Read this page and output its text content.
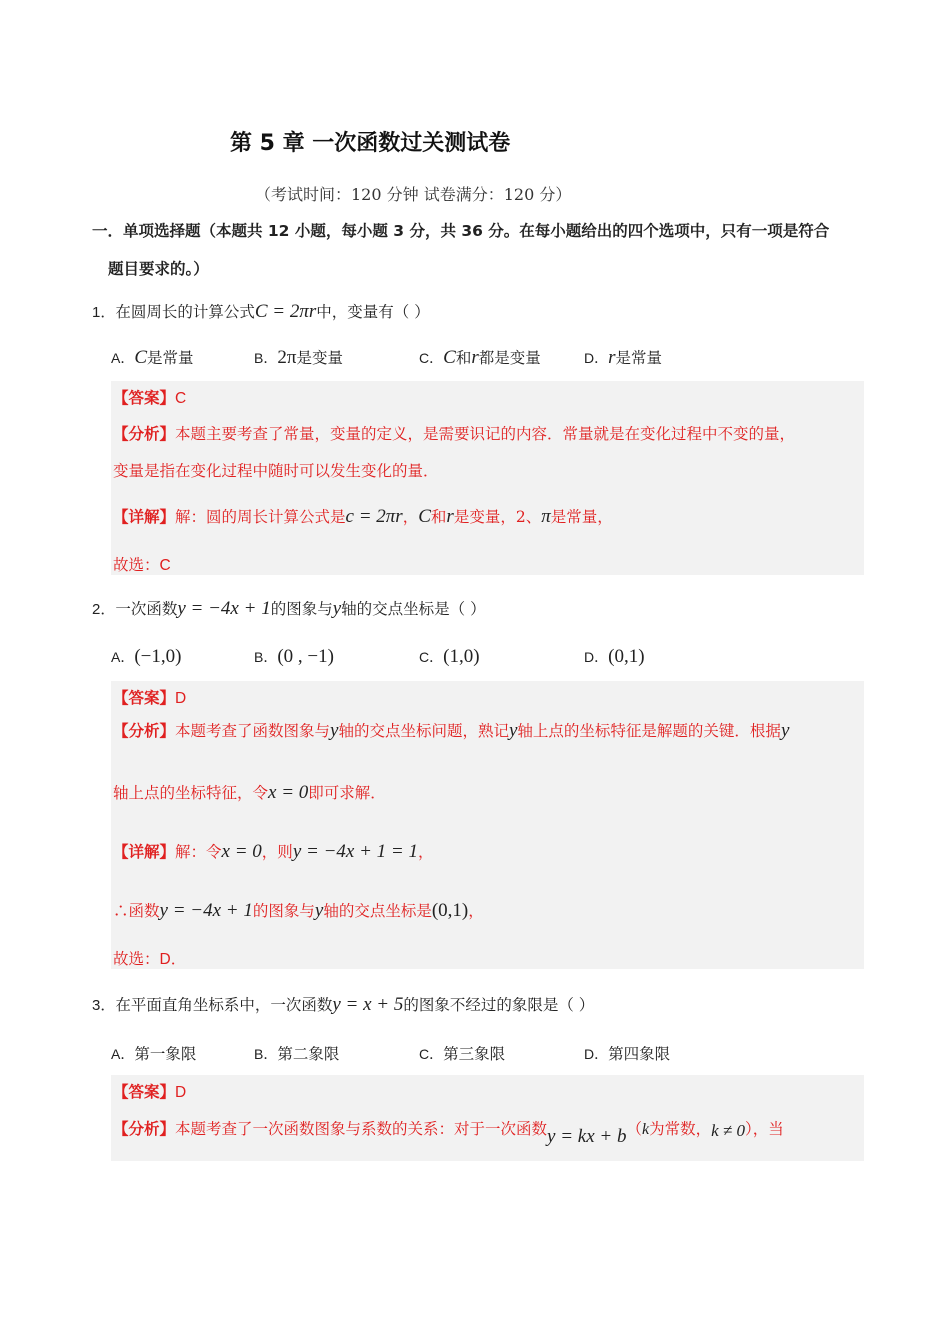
第 5 章 一次函数过关测试卷
（考试时间：120 分钟 试卷满分：120 分）
一．单项选择题（本题共 12 小题，每小题 3 分，共 36 分。在每小题给出的四个选项中，只有一项是符合
题目要求的。）
1．在圆周长的计算公式C = 2πr中，变量有（ ）
A．C是常量	B．2π是变量	C．C和r都是变量	D．r是常量
【答案】C
【分析】本题主要考查了常量，变量的定义，是需要识记的内容．常量就是在变化过程中不变的量，
变量是指在变化过程中随时可以发生变化的量．
【详解】解：圆的周长计算公式是c = 2πr，C和r是变量，2、π是常量，
故选：C
2．一次函数y = −4x + 1的图象与y轴的交点坐标是（ ）
A．(−1,0)	B．(0 , −1)	C．(1,0)	D．(0,1)
【答案】D
【分析】本题考查了函数图象与y轴的交点坐标问题，熟记y轴上点的坐标特征是解题的关键．根据y
轴上点的坐标特征，令x = 0即可求解．
【详解】解：令x = 0，则y = −4x + 1 = 1，
∴函数y = −4x + 1的图象与y轴的交点坐标是(0,1)，
故选：D．
3．在平面直角坐标系中，一次函数y = x + 5的图象不经过的象限是（ ）
A．第一象限	B．第二象限	C．第三象限	D．第四象限
【答案】D
【分析】本题考查了一次函数图象与系数的关系：对于一次函数y = kx + b（k为常数，k ≠ 0），当
